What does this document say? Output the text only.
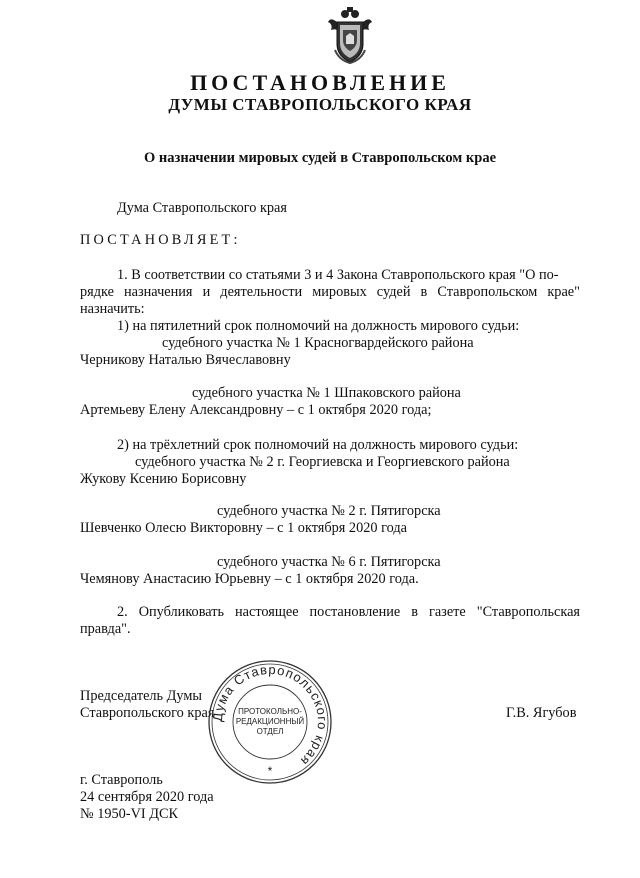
ПОСТАНОВЛЕНИЕ
ДУМЫ СТАВРОПОЛЬСКОГО КРАЯ
О назначении мировых судей в Ставропольском крае
Дума Ставропольского края
ПОСТАНОВЛЯЕТ:
1. В соответствии со статьями 3 и 4 Закона Ставропольского края "О по-
рядке назначения и деятельности мировых судей в Ставропольском крае"
назначить:
1) на пятилетний срок полномочий на должность мирового судьи:
судебного участка № 1 Красногвардейского района
Черникову Наталью Вячеславовну
судебного участка № 1 Шпаковского района
Артемьеву Елену Александровну – с 1 октября 2020 года;
2) на трёхлетний срок полномочий на должность мирового судьи:
судебного участка № 2 г. Георгиевска и Георгиевского района
Жукову Ксению Борисовну
судебного участка № 2 г. Пятигорска
Шевченко Олесю Викторовну – с 1 октября 2020 года
судебного участка № 6 г. Пятигорска
Чемянову Анастасию Юрьевну – с 1 октября 2020 года.
2. Опубликовать настоящее постановление в газете "Ставропольская
правда".
Председатель Думы
Ставропольского края	Г.В. Ягубов
Дума Ставропольского края
ПРОТОКОЛЬНО-
РЕДАКЦИОННЫЙ
ОТДЕЛ
*
г. Ставрополь
24 сентября 2020 года
№ 1950-VI ДСК
